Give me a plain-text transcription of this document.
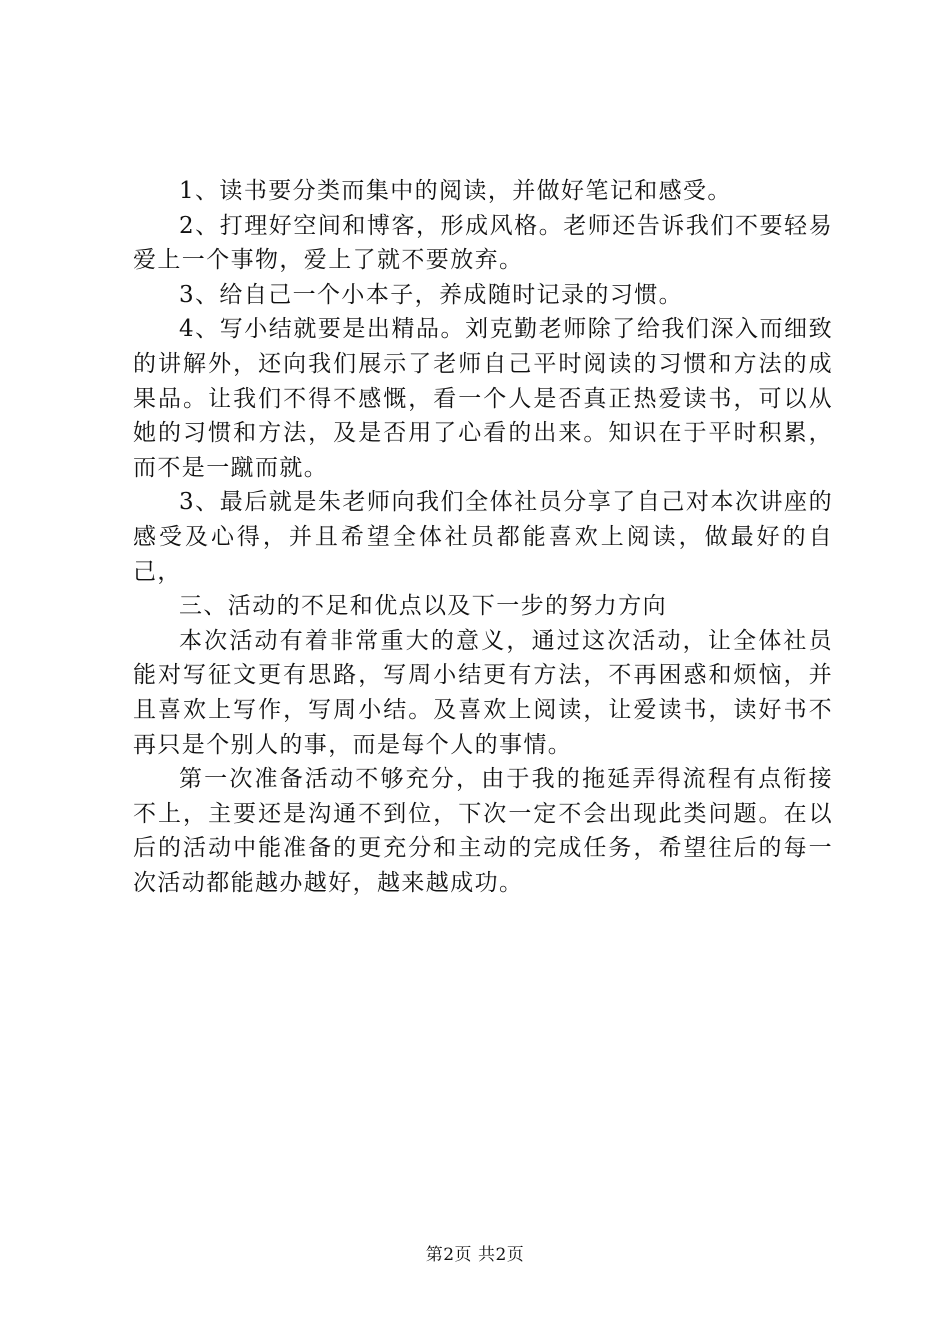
1、读书要分类而集中的阅读，并做好笔记和感受。

2、打理好空间和博客，形成风格。老师还告诉我们不要轻易爱上一个事物，爱上了就不要放弃。

3、给自己一个小本子，养成随时记录的习惯。

4、写小结就要是出精品。刘克勤老师除了给我们深入而细致的讲解外，还向我们展示了老师自己平时阅读的习惯和方法的成果品。让我们不得不感慨，看一个人是否真正热爱读书，可以从她的习惯和方法，及是否用了心看的出来。知识在于平时积累，而不是一蹴而就。

3、最后就是朱老师向我们全体社员分享了自己对本次讲座的感受及心得，并且希望全体社员都能喜欢上阅读，做最好的自己，

三、活动的不足和优点以及下一步的努力方向

本次活动有着非常重大的意义，通过这次活动，让全体社员能对写征文更有思路，写周小结更有方法，不再困惑和烦恼，并且喜欢上写作，写周小结。及喜欢上阅读，让爱读书，读好书不再只是个别人的事，而是每个人的事情。

第一次准备活动不够充分，由于我的拖延弄得流程有点衔接不上，主要还是沟通不到位，下次一定不会出现此类问题。在以后的活动中能准备的更充分和主动的完成任务，希望往后的每一次活动都能越办越好，越来越成功。

第2页 共2页
